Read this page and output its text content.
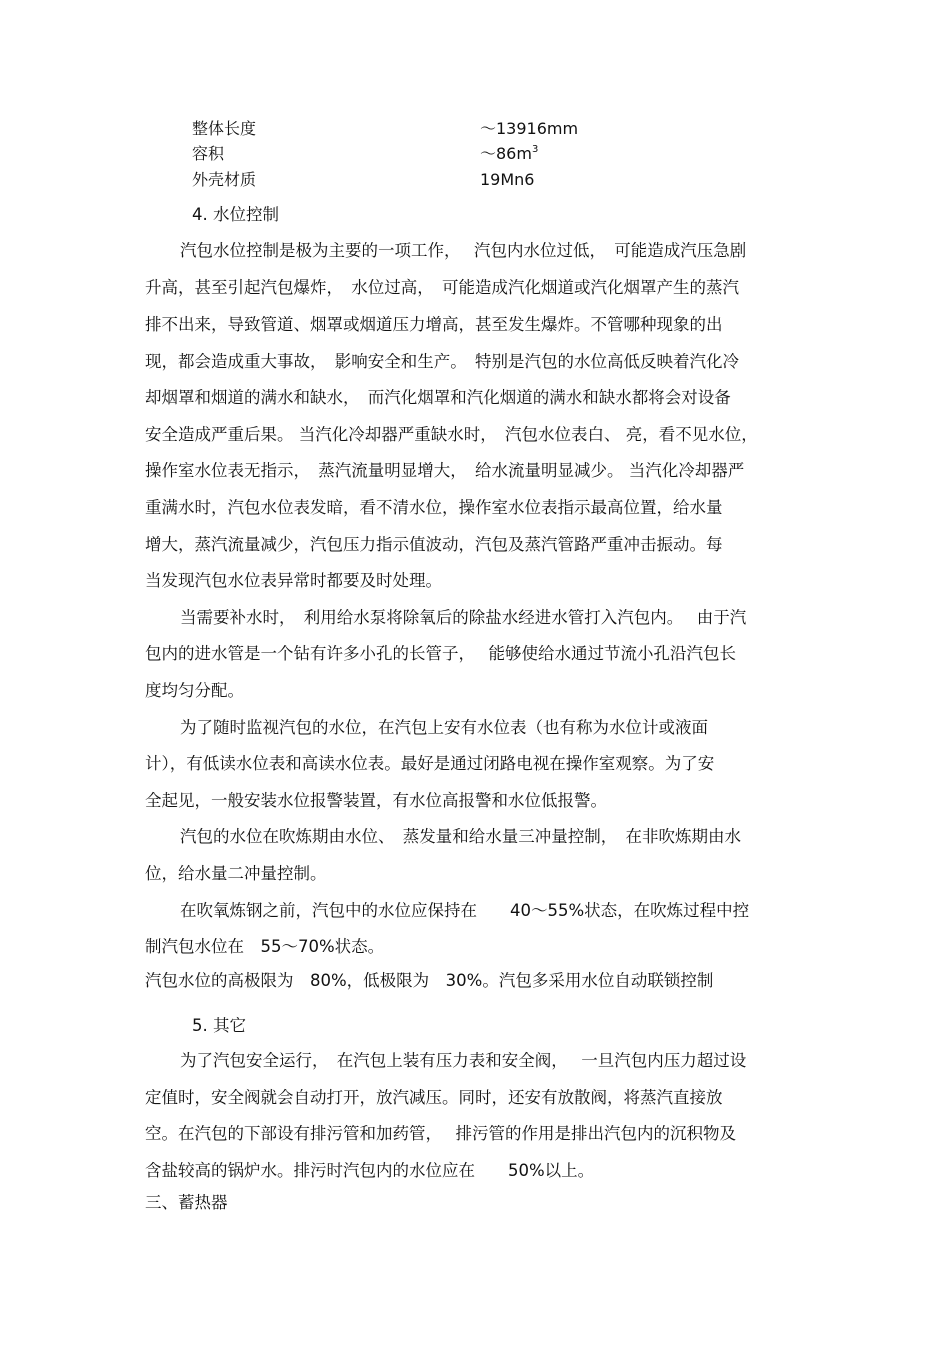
整体长度	～13916mm
容积	$\sim 86m^3$
外壳材质	19Mn6
4. 水位控制
汽包水位控制是极为主要的一项工作，　 汽包内水位过低，　可能造成汽压急剧
升高，甚至引起汽包爆炸，　水位过高，　可能造成汽化烟道或汽化烟罩产生的蒸汽
排不出来，导致管道、烟罩或烟道压力增高，甚至发生爆炸。不管哪种现象的出
现，都会造成重大事故，　影响安全和生产。　特别是汽包的水位高低反映着汽化冷
却烟罩和烟道的满水和缺水，　而汽化烟罩和汽化烟道的满水和缺水都将会对设备
安全造成严重后果。 当汽化冷却器严重缺水时，　汽包水位表白、 亮，看不见水位，
操作室水位表无指示，　蒸汽流量明显增大，　给水流量明显减少。 当汽化冷却器严
重满水时，汽包水位表发暗，看不清水位，操作室水位表指示最高位置，给水量
增大，蒸汽流量减少，汽包压力指示值波动，汽包及蒸汽管路严重冲击振动。每
当发现汽包水位表异常时都要及时处理。
当需要补水时，　利用给水泵将除氧后的除盐水经进水管打入汽包内。　 由于汽
包内的进水管是一个钻有许多小孔的长管子，　 能够使给水通过节流小孔沿汽包长
度均匀分配。
为了随时监视汽包的水位，在汽包上安有水位表（也有称为水位计或液面
计），有低读水位表和高读水位表。最好是通过闭路电视在操作室观察。为了安
全起见，一般安装水位报警装置，有水位高报警和水位低报警。
汽包的水位在吹炼期由水位、　蒸发量和给水量三冲量控制，　在非吹炼期由水
位，给水量二冲量控制。
在吹氧炼钢之前，汽包中的水位应保持在　　40～55%状态，在吹炼过程中控
制汽包水位在　55～70%状态。
汽包水位的高极限为　80%，低极限为　30%。汽包多采用水位自动联锁控制
5. 其它
为了汽包安全运行，　在汽包上装有压力表和安全阀，　 一旦汽包内压力超过设
定值时，安全阀就会自动打开，放汽减压。同时，还安有放散阀，将蒸汽直接放
空。在汽包的下部设有排污管和加药管，　 排污管的作用是排出汽包内的沉积物及
含盐较高的锅炉水。排污时汽包内的水位应在　　50%以上。
三、蓄热器
